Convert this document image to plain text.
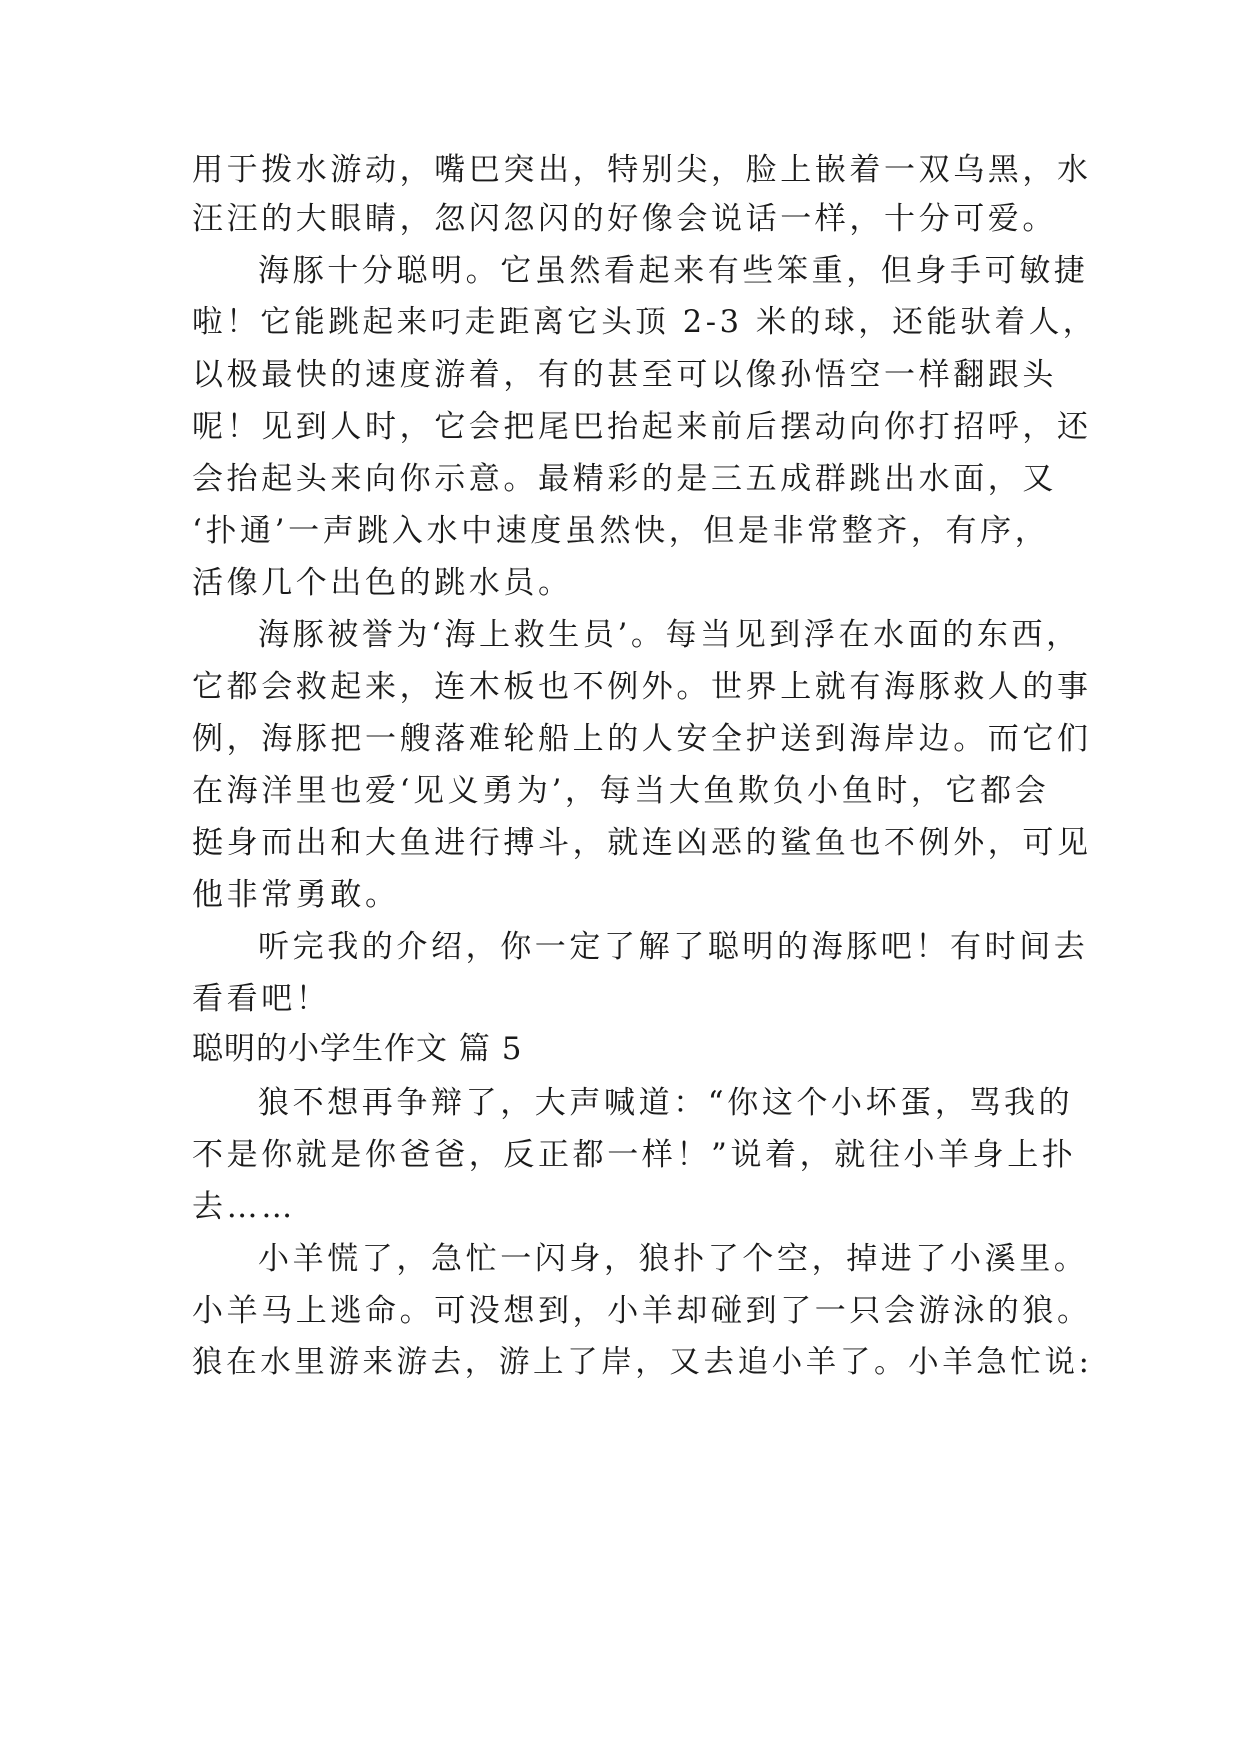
用于拨水游动，嘴巴突出，特别尖，脸上嵌着一双乌黑，水

汪汪的大眼睛，忽闪忽闪的好像会说话一样，十分可爱。

海豚十分聪明。它虽然看起来有些笨重，但身手可敏捷

啦！它能跳起来叼走距离它头顶 2-3 米的球，还能驮着人，

以极最快的速度游着，有的甚至可以像孙悟空一样翻跟头

呢！见到人时，它会把尾巴抬起来前后摆动向你打招呼，还

会抬起头来向你示意。最精彩的是三五成群跳出水面，又

‘扑通’一声跳入水中速度虽然快，但是非常整齐，有序，

活像几个出色的跳水员。

海豚被誉为‘海上救生员’。每当见到浮在水面的东西，

它都会救起来，连木板也不例外。世界上就有海豚救人的事

例，海豚把一艘落难轮船上的人安全护送到海岸边。而它们

在海洋里也爱‘见义勇为’，每当大鱼欺负小鱼时，它都会

挺身而出和大鱼进行搏斗，就连凶恶的鲨鱼也不例外，可见

他非常勇敢。

听完我的介绍，你一定了解了聪明的海豚吧！有时间去

看看吧！

聪明的小学生作文 篇 5

狼不想再争辩了，大声喊道：“你这个小坏蛋，骂我的

不是你就是你爸爸，反正都一样！”说着，就往小羊身上扑

去……

小羊慌了，急忙一闪身，狼扑了个空，掉进了小溪里。

小羊马上逃命。可没想到，小羊却碰到了一只会游泳的狼。

狼在水里游来游去，游上了岸，又去追小羊了。小羊急忙说:
